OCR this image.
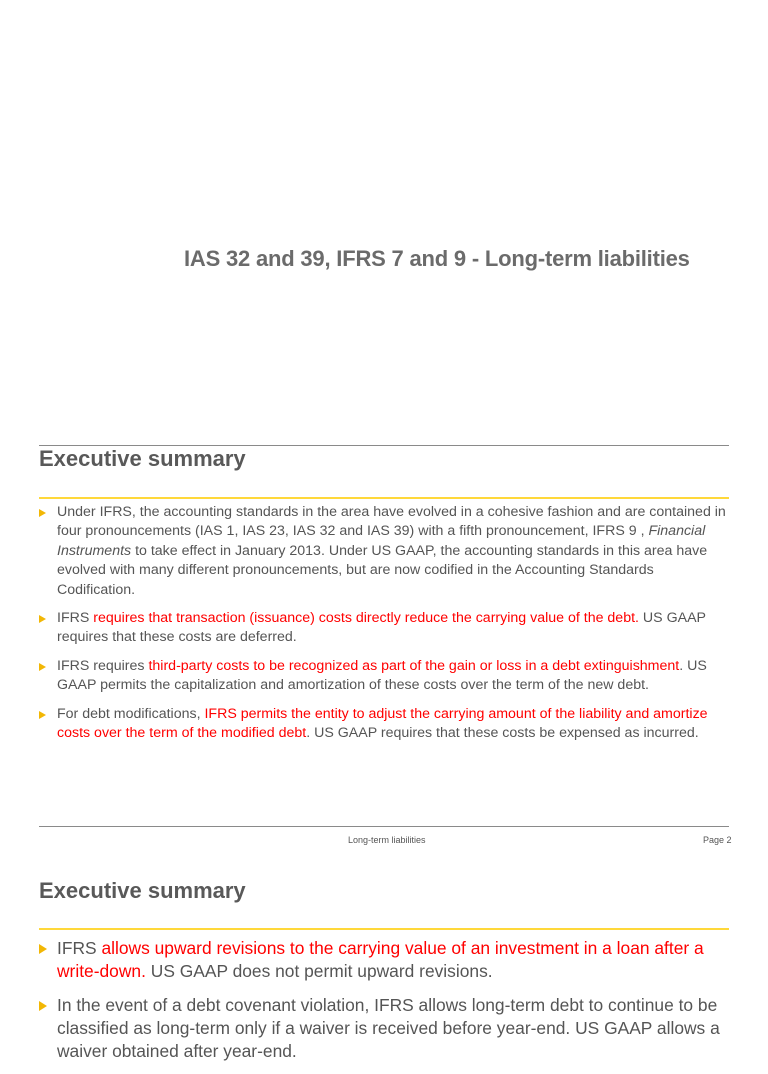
IAS 32 and 39, IFRS 7 and 9 - Long-term liabilities
Executive summary
Under IFRS, the accounting standards in the area have evolved in a cohesive fashion and are contained in four pronouncements (IAS 1, IAS 23, IAS 32 and IAS 39) with a fifth pronouncement, IFRS 9 , Financial Instruments to take effect in January 2013. Under US GAAP, the accounting standards in this area have evolved with many different pronouncements, but are now codified in the Accounting Standards Codification.
IFRS requires that transaction (issuance) costs directly reduce the carrying value of the debt. US GAAP requires that these costs are deferred.
IFRS requires third-party costs to be recognized as part of the gain or loss in a debt extinguishment. US GAAP permits the capitalization and amortization of these costs over the term of the new debt.
For debt modifications, IFRS permits the entity to adjust the carrying amount of the liability and amortize costs over the term of the modified debt. US GAAP requires that these costs be expensed as incurred.
Long-term liabilities	Page 2
Executive summary
IFRS allows upward revisions to the carrying value of an investment in a loan after a write-down. US GAAP does not permit upward revisions.
In the event of a debt covenant violation, IFRS allows long-term debt to continue to be classified as long-term only if a waiver is received before year-end. US GAAP allows a waiver obtained after year-end.
